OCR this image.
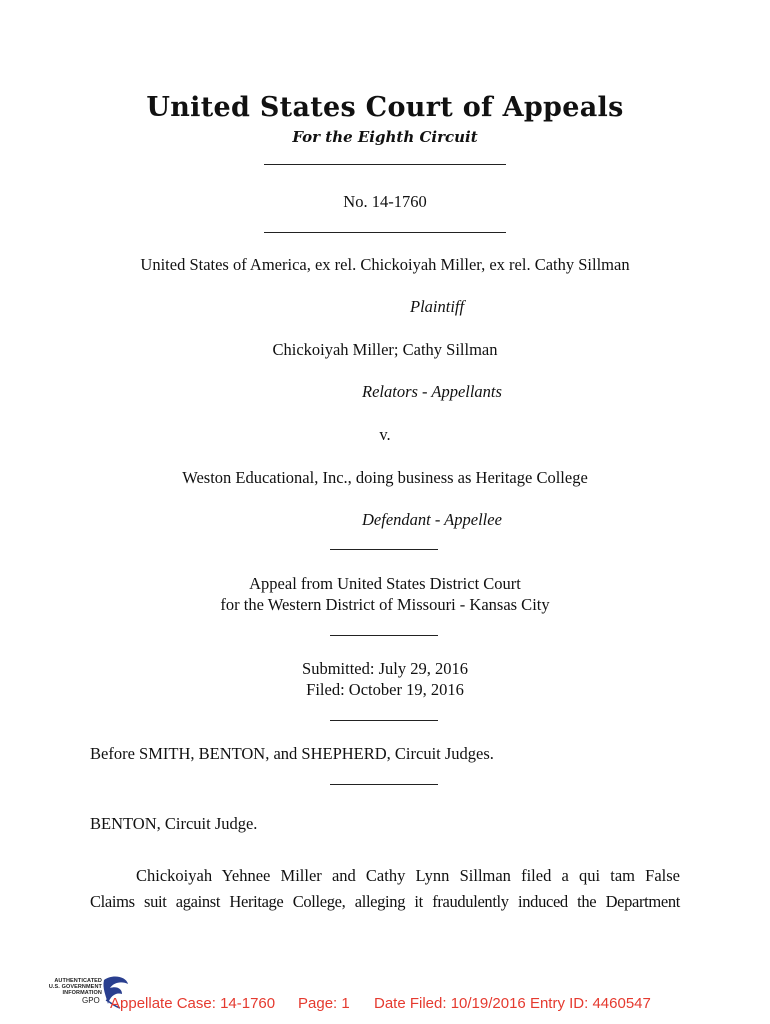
United States Court of Appeals
For the Eighth Circuit
No. 14-1760
United States of America, ex rel. Chickoiyah Miller, ex rel. Cathy Sillman
Plaintiff
Chickoiyah Miller; Cathy Sillman
Relators - Appellants
v.
Weston Educational, Inc., doing business as Heritage College
Defendant - Appellee
Appeal from United States District Court
for the Western District of Missouri - Kansas City
Submitted: July 29, 2016
Filed: October 19, 2016
Before SMITH, BENTON, and SHEPHERD, Circuit Judges.
BENTON, Circuit Judge.
Chickoiyah Yehnee Miller and Cathy Lynn Sillman filed a qui tam False
Claims suit against Heritage College, alleging it fraudulently induced the Department
AUTHENTICATED
U.S. GOVERNMENT
INFORMATION
GPO Appellate Case: 14-1760 Page: 1 Date Filed: 10/19/2016 Entry ID: 4460547
